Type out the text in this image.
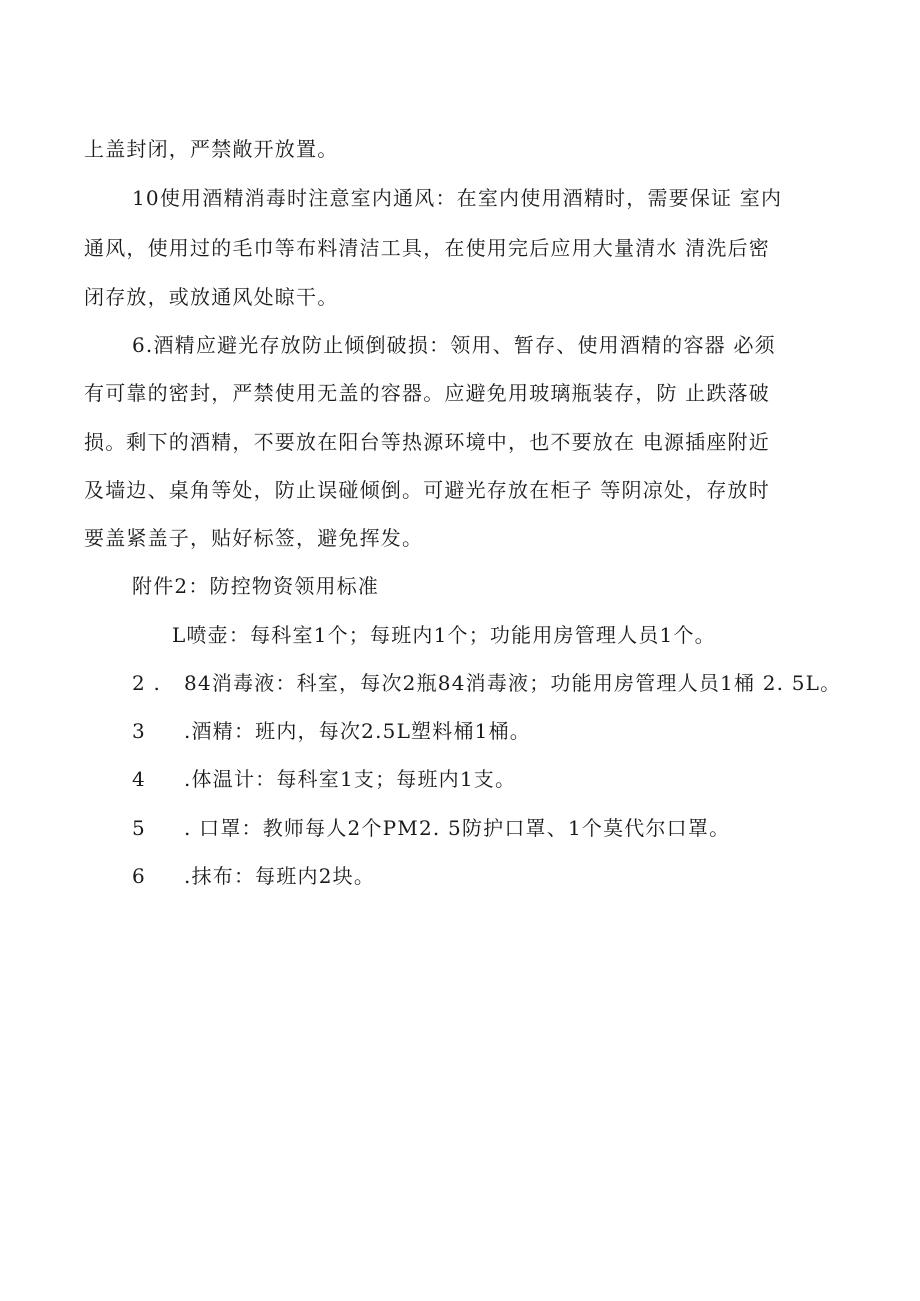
上盖封闭，严禁敞开放置。
10使用酒精消毒时注意室内通风：在室内使用酒精时，需要保证 室内
通风，使用过的毛巾等布料清洁工具，在使用完后应用大量清水 清洗后密
闭存放，或放通风处晾干。
6.酒精应避光存放防止倾倒破损：领用、暂存、使用酒精的容器 必须
有可靠的密封，严禁使用无盖的容器。应避免用玻璃瓶装存，防 止跌落破
损。剩下的酒精，不要放在阳台等热源环境中，也不要放在 电源插座附近
及墙边、桌角等处，防止误碰倾倒。可避光存放在柜子 等阴凉处，存放时
要盖紧盖子，贴好标签，避免挥发。
附件2：防控物资领用标准
L喷壶：每科室1个；每班内1个；功能用房管理人员1个。
2 . 84消毒液：科室，每次2瓶84消毒液；功能用房管理人员1桶 2. 5L。
3 .酒精：班内，每次2.5L塑料桶1桶。
4 .体温计：每科室1支；每班内1支。
5 . 口罩：教师每人2个PM2. 5防护口罩、1个莫代尔口罩。
6 .抹布：每班内2块。
